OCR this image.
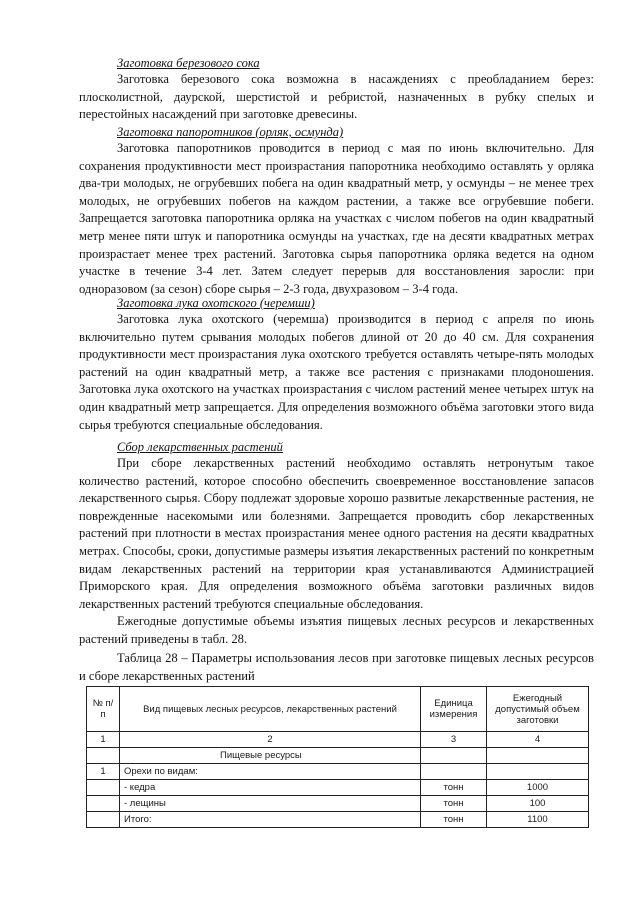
Заготовка березового сока

Заготовка березового сока возможна в насаждениях с преобладанием берез: плосколистной, даурской, шерстистой и ребристой, назначенных в рубку спелых и перестойных насаждений при заготовке древесины.

Заготовка папоротников (орляк, осмунда)

Заготовка папоротников проводится в период с мая по июнь включительно. Для сохранения продуктивности мест произрастания папоротника необходимо оставлять у орляка два-три молодых, не огрубевших побега на один квадратный метр, у осмунды – не менее трех молодых, не огрубевших побегов на каждом растении, а также все огрубевшие побеги. Запрещается заготовка папоротника орляка на участках с числом побегов на один квадратный метр менее пяти штук и папоротника осмунды на участках, где на десяти квадратных метрах произрастает менее трех растений. Заготовка сырья папоротника орляка ведется на одном участке в течение 3-4 лет. Затем следует перерыв для восстановления заросли: при одноразовом (за сезон) сборе сырья – 2-3 года, двухразовом – 3-4 года.

Заготовка лука охотского (черемши)

Заготовка лука охотского (черемша) производится в период с апреля по июнь включительно путем срывания молодых побегов длиной от 20 до 40 см. Для сохранения продуктивности мест произрастания лука охотского требуется оставлять четыре-пять молодых растений на один квадратный метр, а также все растения с признаками плодоношения. Заготовка лука охотского на участках произрастания с числом растений менее четырех штук на один квадратный метр запрещается. Для определения возможного объёма заготовки этого вида сырья требуются специальные обследования.

Сбор лекарственных растений

При сборе лекарственных растений необходимо оставлять нетронутым такое количество растений, которое способно обеспечить своевременное восстановление запасов лекарственного сырья. Сбору подлежат здоровые хорошо развитые лекарственные растения, не поврежденные насекомыми или болезнями. Запрещается проводить сбор лекарственных растений при плотности в местах произрастания менее одного растения на десяти квадратных метрах. Способы, сроки, допустимые размеры изъятия лекарственных растений по конкретным видам лекарственных растений на территории края устанавливаются Администрацией Приморского края. Для определения возможного объёма заготовки различных видов лекарственных растений требуются специальные обследования.

Ежегодные допустимые объемы изъятия пищевых лесных ресурсов и лекарственных растений приведены в табл. 28.

Таблица 28 – Параметры использования лесов при заготовке пищевых лесных ресурсов и сборе лекарственных растений

№ п/п	Вид пищевых лесных ресурсов, лекарственных растений	Единица измерения	Ежегодный допустимый объем заготовки
1	2	3	4
	Пищевые ресурсы		
1	Орехи по видам:		
	- кедра	тонн	1000
	- лещины	тонн	100
	Итого:	тонн	1100
